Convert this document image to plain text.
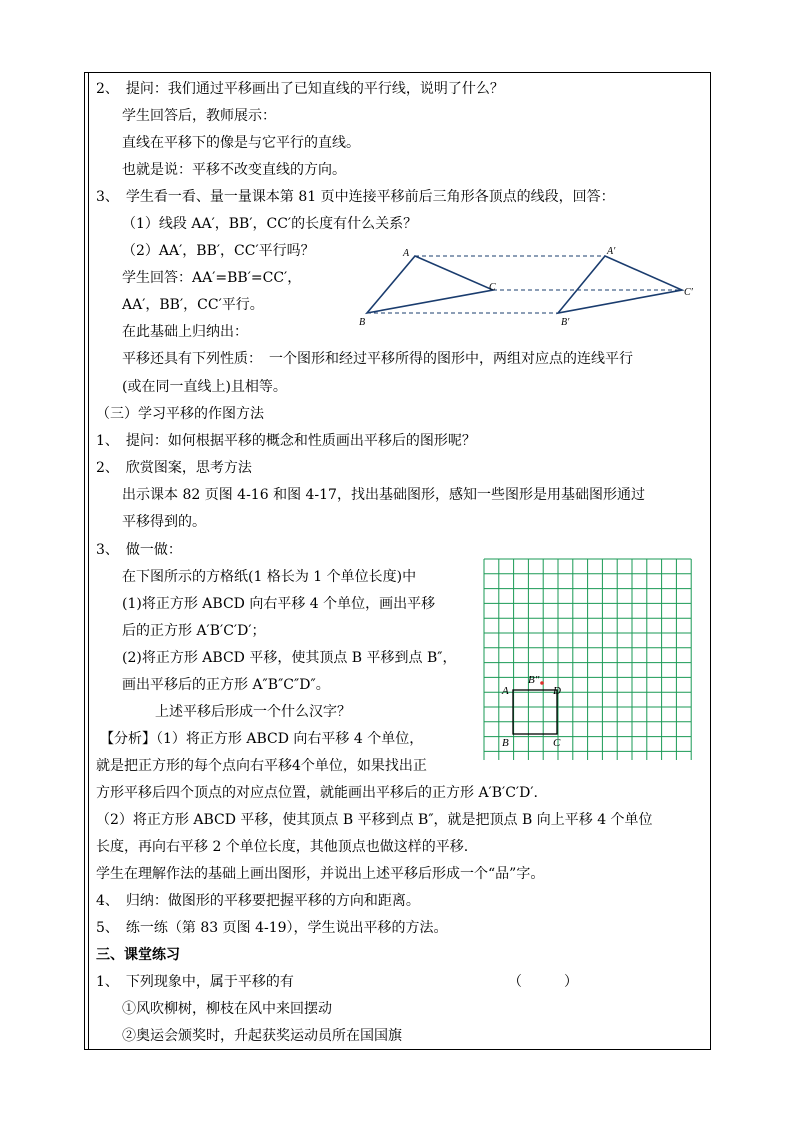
2、　提问：我们通过平移画出了已知直线的平行线，说明了什么？
学生回答后，教师展示：
直线在平移下的像是与它平行的直线。
也就是说：平移不改变直线的方向。
3、　学生看一看、量一量课本第 81 页中连接平移前后三角形各顶点的线段，回答：
（1）线段 AA′，BB′，CC′的长度有什么关系？
（2）AA′，BB′，CC′平行吗？
学生回答：AA′=BB′=CC′，
AA′，BB′，CC′平行。
在此基础上归纳出：
平移还具有下列性质：　一个图形和经过平移所得的图形中，两组对应点的连线平行
(或在同一直线上)且相等。
（三）学习平移的作图方法
1、　提问：如何根据平移的概念和性质画出平移后的图形呢？
2、　欣赏图案，思考方法
出示课本 82 页图 4-16 和图 4-17，找出基础图形，感知一些图形是用基础图形通过
平移得到的。
3、　做一做：
在下图所示的方格纸(1 格长为 1 个单位长度)中
(1)将正方形 ABCD 向右平移 4 个单位，画出平移
后的正方形 A′B′C′D′；
(2)将正方形 ABCD 平移，使其顶点 B 平移到点 B″，
画出平移后的正方形 A″B″C″D″。
上述平移后形成一个什么汉字？
【分析】（1）将正方形 ABCD 向右平移 4 个单位，
就是把正方形的每个点向右平移4个单位，如果找出正
方形平移后四个顶点的对应点位置，就能画出平移后的正方形 A′B′C′D′.
（2）将正方形 ABCD 平移，使其顶点 B 平移到点 B″，就是把顶点 B 向上平移 4 个单位
长度，再向右平移 2 个单位长度，其他顶点也做这样的平移.
学生在理解作法的基础上画出图形，并说出上述平移后形成一个“品”字。
4、　归纳：做图形的平移要把握平移的方向和距离。
5、　练一练（第 83 页图 4-19），学生说出平移的方法。
三、课堂练习
1、　下列现象中，属于平移的有	（　　　）
①风吹柳树，柳枝在风中来回摆动
②奥运会颁奖时，升起获奖运动员所在国国旗
A
B
C
A′
B′
C′
A
B	C
D
B″
